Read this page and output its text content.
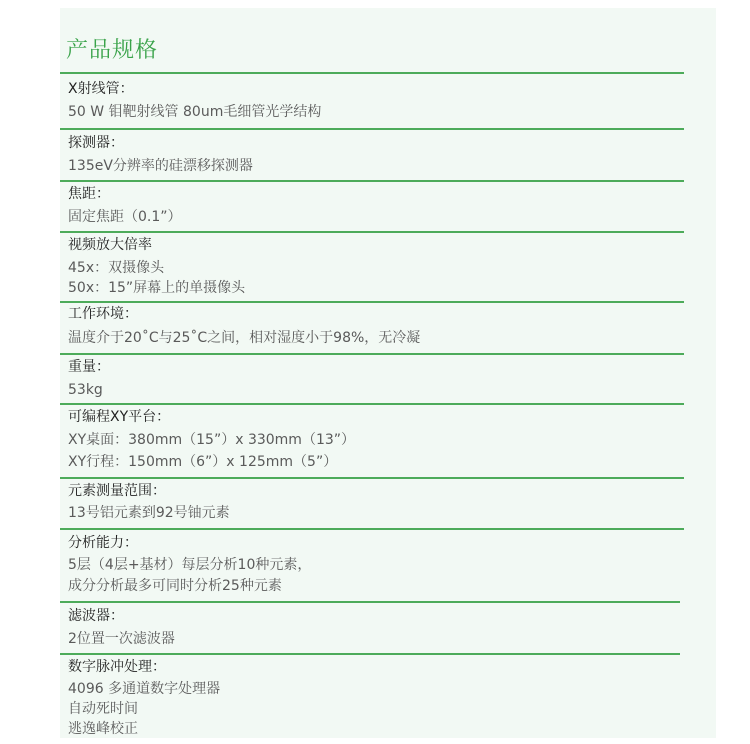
产品规格
X射线管：
50 W 钼靶射线管 80um毛细管光学结构
探测器：
135eV分辨率的硅漂移探测器
焦距：
固定焦距（0.1”）
视频放大倍率
45x：双摄像头
50x：15”屏幕上的单摄像头
工作环境：
温度介于20˚C与25˚C之间，相对湿度小于98%，无冷凝
重量：
53kg
可编程XY平台：
XY桌面：380mm（15”）x 330mm（13”）
XY行程：150mm（6”）x 125mm（5”）
元素测量范围：
13号铝元素到92号铀元素
分析能力：
5层（4层+基材）每层分析10种元素，
成分分析最多可同时分析25种元素
滤波器：
2位置一次滤波器
数字脉冲处理：
4096 多通道数字处理器
自动死时间
逃逸峰校正
